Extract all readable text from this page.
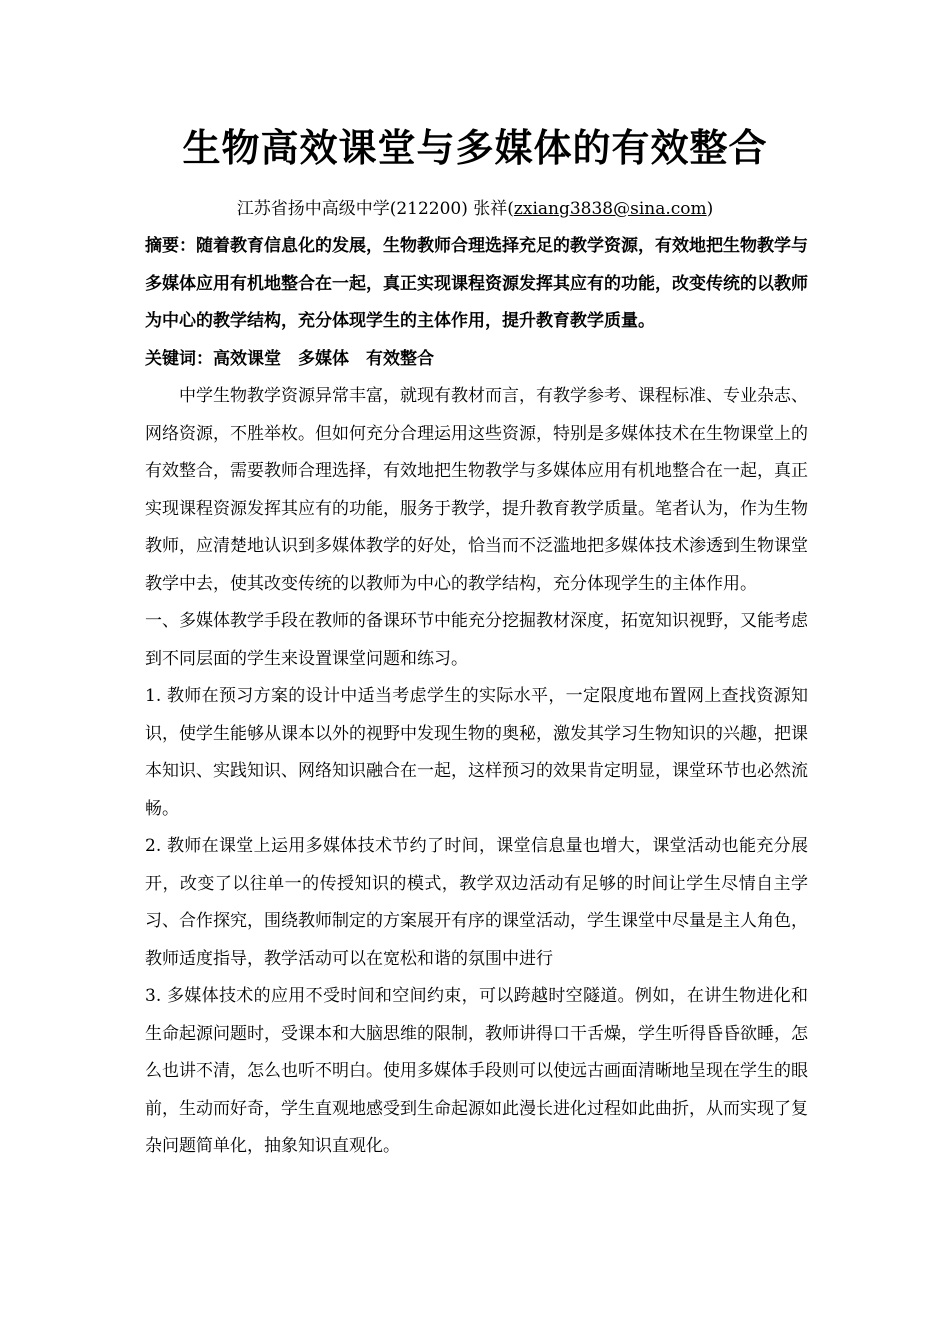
生物高效课堂与多媒体的有效整合
江苏省扬中高级中学(212200) 张祥(zxiang3838@sina.com)

摘要：随着教育信息化的发展，生物教师合理选择充足的教学资源，有效地把生物教学与多媒体应用有机地整合在一起，真正实现课程资源发挥其应有的功能，改变传统的以教师为中心的教学结构，充分体现学生的主体作用，提升教育教学质量。

关键词：高效课堂　多媒体　有效整合

中学生物教学资源异常丰富，就现有教材而言，有教学参考、课程标准、专业杂志、网络资源，不胜举枚。但如何充分合理运用这些资源，特别是多媒体技术在生物课堂上的有效整合，需要教师合理选择，有效地把生物教学与多媒体应用有机地整合在一起，真正实现课程资源发挥其应有的功能，服务于教学，提升教育教学质量。笔者认为，作为生物教师，应清楚地认识到多媒体教学的好处，恰当而不泛滥地把多媒体技术渗透到生物课堂教学中去，使其改变传统的以教师为中心的教学结构，充分体现学生的主体作用。

一、多媒体教学手段在教师的备课环节中能充分挖掘教材深度，拓宽知识视野，又能考虑到不同层面的学生来设置课堂问题和练习。

1. 教师在预习方案的设计中适当考虑学生的实际水平，一定限度地布置网上查找资源知识，使学生能够从课本以外的视野中发现生物的奥秘，激发其学习生物知识的兴趣，把课本知识、实践知识、网络知识融合在一起，这样预习的效果肯定明显，课堂环节也必然流畅。

2. 教师在课堂上运用多媒体技术节约了时间，课堂信息量也增大，课堂活动也能充分展开，改变了以往单一的传授知识的模式，教学双边活动有足够的时间让学生尽情自主学习、合作探究，围绕教师制定的方案展开有序的课堂活动，学生课堂中尽量是主人角色，教师适度指导，教学活动可以在宽松和谐的氛围中进行

3. 多媒体技术的应用不受时间和空间约束，可以跨越时空隧道。例如，在讲生物进化和生命起源问题时，受课本和大脑思维的限制，教师讲得口干舌燥，学生听得昏昏欲睡，怎么也讲不清，怎么也听不明白。使用多媒体手段则可以使远古画面清晰地呈现在学生的眼前，生动而好奇，学生直观地感受到生命起源如此漫长进化过程如此曲折，从而实现了复杂问题简单化，抽象知识直观化。
